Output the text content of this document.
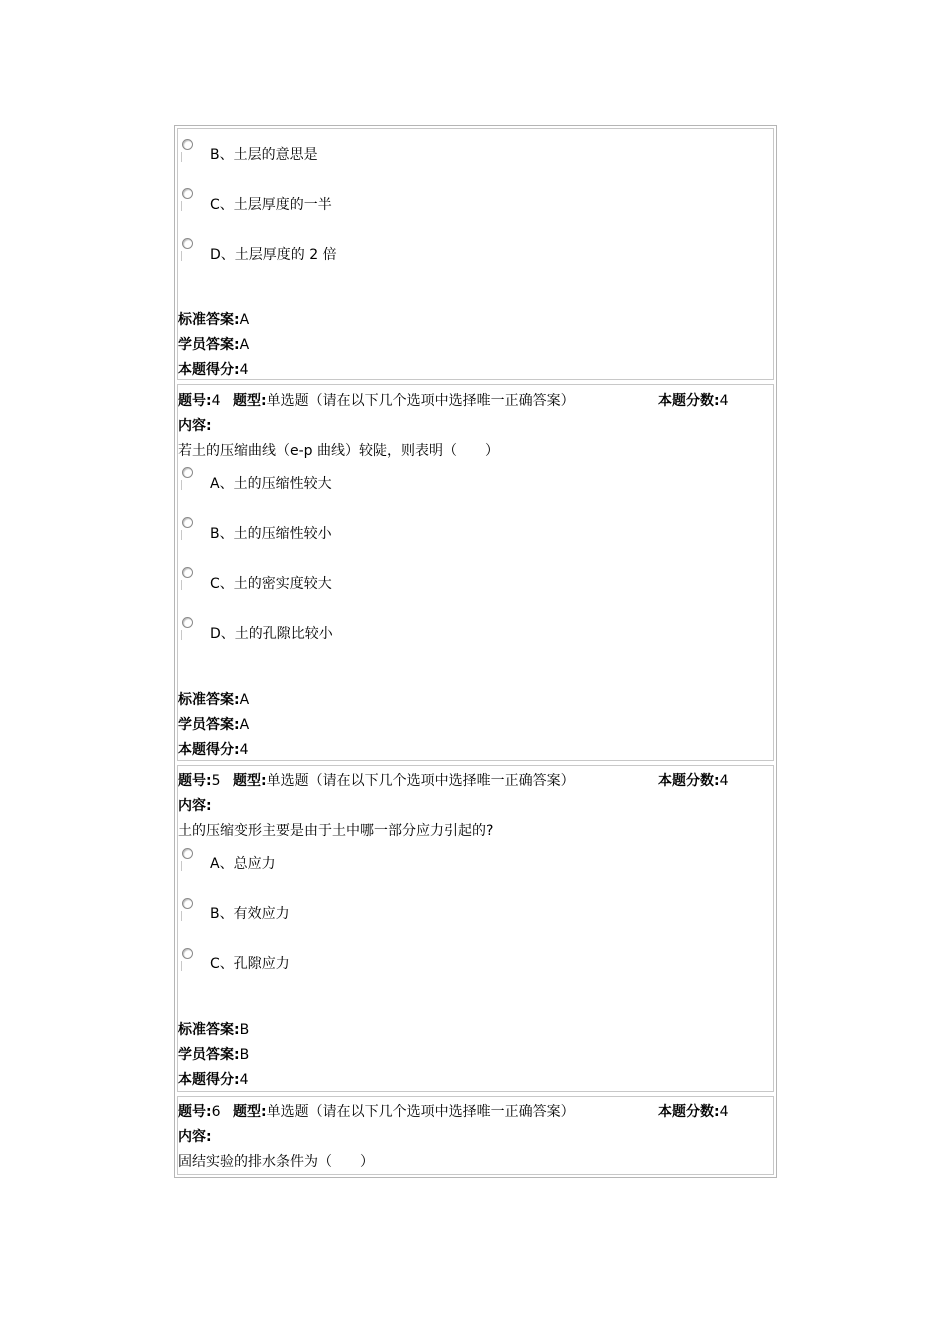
B、土层的意思是
C、土层厚度的一半
D、土层厚度的 2 倍
标准答案:A
学员答案:A
本题得分:4
题号:4 题型:单选题（请在以下几个选项中选择唯一正确答案）	本题分数:4
内容:
若土的压缩曲线（e-p 曲线）较陡，则表明（　　）
A、土的压缩性较大
B、土的压缩性较小
C、土的密实度较大
D、土的孔隙比较小
标准答案:A
学员答案:A
本题得分:4
题号:5 题型:单选题（请在以下几个选项中选择唯一正确答案）	本题分数:4
内容:
土的压缩变形主要是由于土中哪一部分应力引起的?
A、总应力
B、有效应力
C、孔隙应力
标准答案:B
学员答案:B
本题得分:4
题号:6 题型:单选题（请在以下几个选项中选择唯一正确答案）	本题分数:4
内容:
固结实验的排水条件为（　　）
